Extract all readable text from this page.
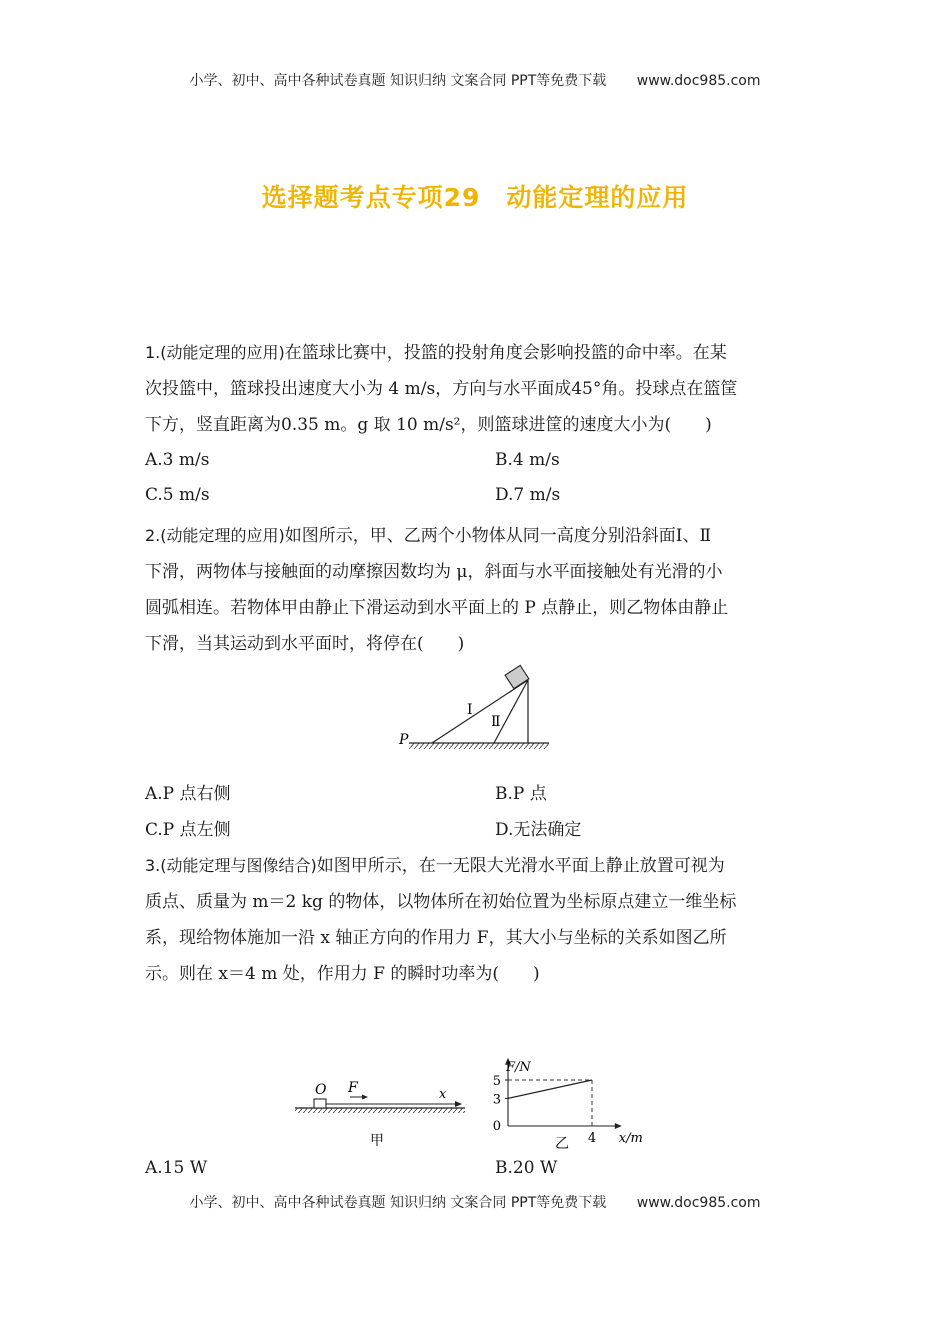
小学、初中、高中各种试卷真题 知识归纳 文案合同 PPT等免费下载 www.doc985.com
选择题考点专项29 动能定理的应用
1.(动能定理的应用)在篮球比赛中，投篮的投射角度会影响投篮的命中率。在某
次投篮中，篮球投出速度大小为 4 m/s，方向与水平面成45°角。投球点在篮筐
下方，竖直距离为0.35 m。g 取 10 m/s²，则篮球进筐的速度大小为(　　)
A.3 m/s	B.4 m/s
C.5 m/s	D.7 m/s
2.(动能定理的应用)如图所示，甲、乙两个小物体从同一高度分别沿斜面Ⅰ、Ⅱ
下滑，两物体与接触面的动摩擦因数均为 μ，斜面与水平面接触处有光滑的小
圆弧相连。若物体甲由静止下滑运动到水平面上的 P 点静止，则乙物体由静止
下滑，当其运动到水平面时，将停在(　　)
P
Ⅰ
Ⅱ
A.P 点右侧	B.P 点
C.P 点左侧	D.无法确定
3.(动能定理与图像结合)如图甲所示，在一无限大光滑水平面上静止放置可视为
质点、质量为 m＝2 kg 的物体，以物体所在初始位置为坐标原点建立一维坐标
系，现给物体施加一沿 x 轴正方向的作用力 F，其大小与坐标的关系如图乙所
示。则在 x＝4 m 处，作用力 F 的瞬时功率为(　　)
O F	x
甲
F/N
x/m
5
3
0
4
乙
A.15 W	B.20 W
小学、初中、高中各种试卷真题 知识归纳 文案合同 PPT等免费下载 www.doc985.com
